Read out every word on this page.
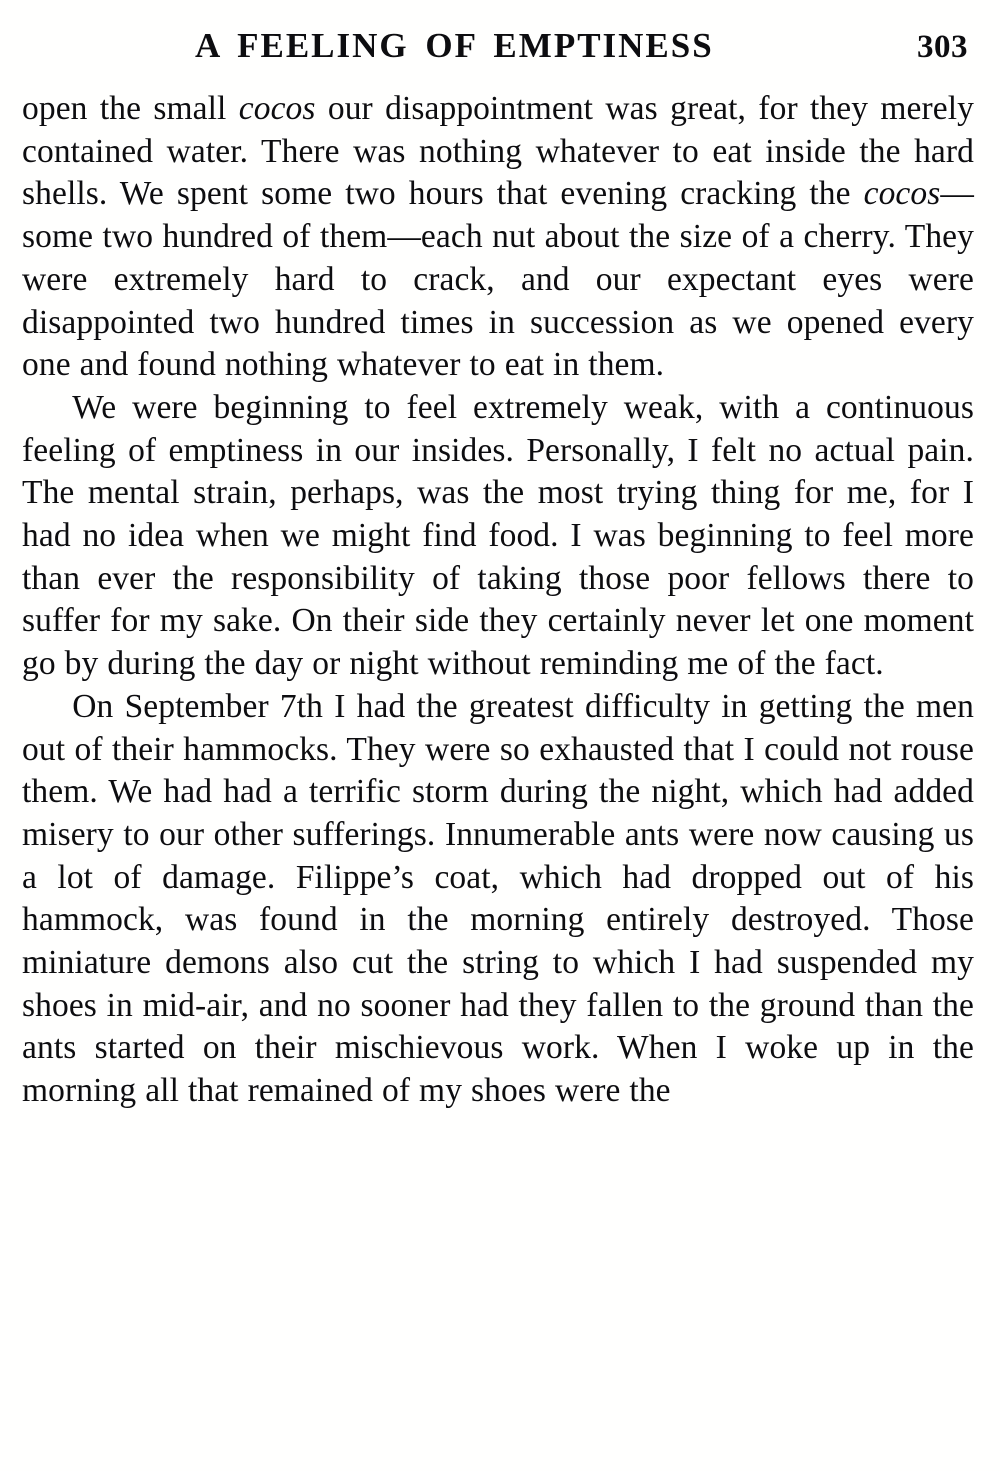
A FEELING OF EMPTINESS	303

open the small cocos our disappointment was great, for they merely contained water. There was nothing whatever to eat inside the hard shells. We spent some two hours that evening cracking the cocos—some two hundred of them—each nut about the size of a cherry. They were extremely hard to crack, and our expectant eyes were disappointed two hundred times in succession as we opened every one and found nothing whatever to eat in them.

We were beginning to feel extremely weak, with a continuous feeling of emptiness in our insides. Personally, I felt no actual pain. The mental strain, perhaps, was the most trying thing for me, for I had no idea when we might find food. I was beginning to feel more than ever the responsibility of taking those poor fellows there to suffer for my sake. On their side they certainly never let one moment go by during the day or night without reminding me of the fact.

On September 7th I had the greatest difficulty in getting the men out of their hammocks. They were so exhausted that I could not rouse them. We had had a terrific storm during the night, which had added misery to our other sufferings. Innumerable ants were now causing us a lot of damage. Filippe’s coat, which had dropped out of his hammock, was found in the morning entirely destroyed. Those miniature demons also cut the string to which I had suspended my shoes in mid-air, and no sooner had they fallen to the ground than the ants started on their mischievous work. When I woke up in the morning all that remained of my shoes were the
